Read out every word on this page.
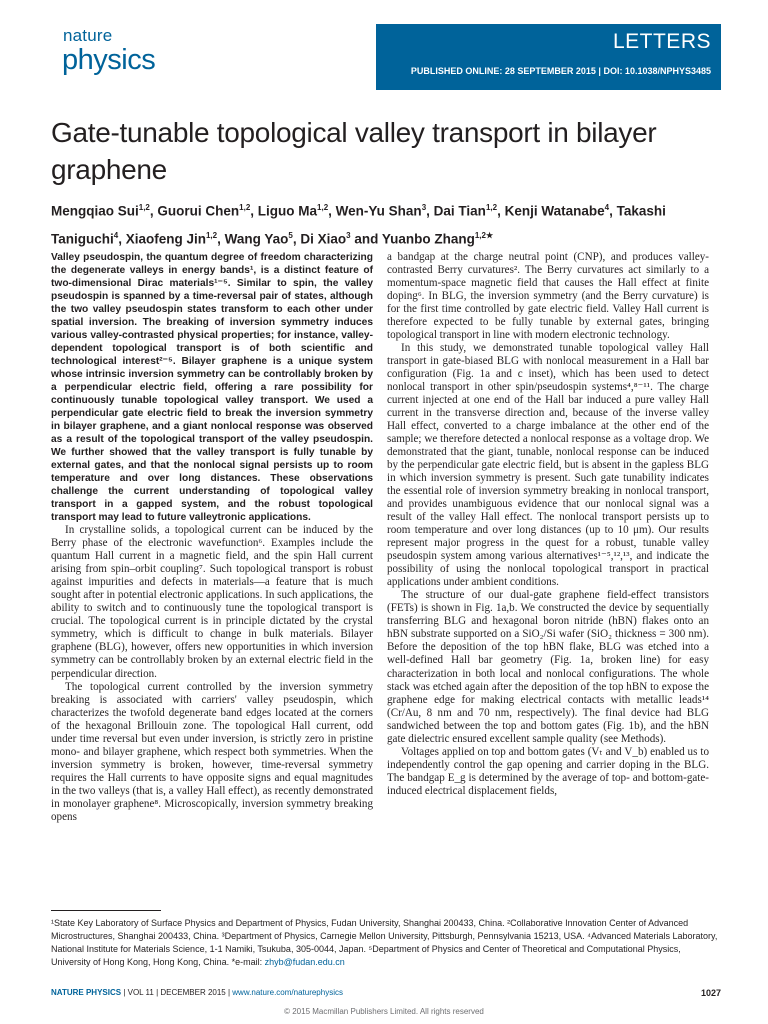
nature
physics
LETTERS
PUBLISHED ONLINE: 28 SEPTEMBER 2015 | DOI: 10.1038/NPHYS3485
Gate-tunable topological valley transport in bilayer graphene

Mengqiao Sui$^{1,2}$, Guorui Chen$^{1,2}$, Liguo Ma$^{1,2}$, Wen-Yu Shan$^3$, Dai Tian$^{1,2}$, Kenji Watanabe$^4$, Takashi Taniguchi$^4$, Xiaofeng Jin$^{1,2}$, Wang Yao$^5$, Di Xiao$^3$ and Yuanbo Zhang$^{1,2★}$

Valley pseudospin, the quantum degree of freedom characterizing the degenerate valleys in energy bands¹, is a distinct feature of two-dimensional Dirac materials¹⁻⁵. Similar to spin, the valley pseudospin is spanned by a time-reversal pair of states, although the two valley pseudospin states transform to each other under spatial inversion. The breaking of inversion symmetry induces various valley-contrasted physical properties; for instance, valley-dependent topological transport is of both scientific and technological interest²⁻⁵. Bilayer graphene is a unique system whose intrinsic inversion symmetry can be controllably broken by a perpendicular electric field, offering a rare possibility for continuously tunable topological valley transport. We used a perpendicular gate electric field to break the inversion symmetry in bilayer graphene, and a giant nonlocal response was observed as a result of the topological transport of the valley pseudospin. We further showed that the valley transport is fully tunable by external gates, and that the nonlocal signal persists up to room temperature and over long distances. These observations challenge the current understanding of topological valley transport in a gapped system, and the robust topological transport may lead to future valleytronic applications.

In crystalline solids, a topological current can be induced by the Berry phase of the electronic wavefunction⁶. Examples include the quantum Hall current in a magnetic field, and the spin Hall current arising from spin–orbit coupling⁷. Such topological transport is robust against impurities and defects in materials—a feature that is much sought after in potential electronic applications. In such applications, the ability to switch and to continuously tune the topological transport is crucial. The topological current is in principle dictated by the crystal symmetry, which is difficult to change in bulk materials. Bilayer graphene (BLG), however, offers new opportunities in which inversion symmetry can be controllably broken by an external electric field in the perpendicular direction.

The topological current controlled by the inversion symmetry breaking is associated with carriers' valley pseudospin, which characterizes the twofold degenerate band edges located at the corners of the hexagonal Brillouin zone. The topological Hall current, odd under time reversal but even under inversion, is strictly zero in pristine mono- and bilayer graphene, which respect both symmetries. When the inversion symmetry is broken, however, time-reversal symmetry requires the Hall currents to have opposite signs and equal magnitudes in the two valleys (that is, a valley Hall effect), as recently demonstrated in monolayer graphene⁸. Microscopically, inversion symmetry breaking opens

a bandgap at the charge neutral point (CNP), and produces valley-contrasted Berry curvatures². The Berry curvatures act similarly to a momentum-space magnetic field that causes the Hall effect at finite doping⁶. In BLG, the inversion symmetry (and the Berry curvature) is for the first time controlled by gate electric field. Valley Hall current is therefore expected to be fully tunable by external gates, bringing topological transport in line with modern electronic technology.

In this study, we demonstrated tunable topological valley Hall transport in gate-biased BLG with nonlocal measurement in a Hall bar configuration (Fig. 1a and c inset), which has been used to detect nonlocal transport in other spin/pseudospin systems⁴,⁸⁻¹¹. The charge current injected at one end of the Hall bar induced a pure valley Hall current in the transverse direction and, because of the inverse valley Hall effect, converted to a charge imbalance at the other end of the sample; we therefore detected a nonlocal response as a voltage drop. We demonstrated that the giant, tunable, nonlocal response can be induced by the perpendicular gate electric field, but is absent in the gapless BLG in which inversion symmetry is present. Such gate tunability indicates the essential role of inversion symmetry breaking in nonlocal transport, and provides unambiguous evidence that our nonlocal signal was a result of the valley Hall effect. The nonlocal transport persists up to room temperature and over long distances (up to 10 μm). Our results represent major progress in the quest for a robust, tunable valley pseudospin system among various alternatives¹⁻⁵,¹²,¹³, and indicate the possibility of using the nonlocal topological transport in practical applications under ambient conditions.

The structure of our dual-gate graphene field-effect transistors (FETs) is shown in Fig. 1a,b. We constructed the device by sequentially transferring BLG and hexagonal boron nitride (hBN) flakes onto an hBN substrate supported on a SiO₂/Si wafer (SiO₂ thickness = 300 nm). Before the deposition of the top hBN flake, BLG was etched into a well-defined Hall bar geometry (Fig. 1a, broken line) for easy characterization in both local and nonlocal configurations. The whole stack was etched again after the deposition of the top hBN to expose the graphene edge for making electrical contacts with metallic leads¹⁴ (Cr/Au, 8 nm and 70 nm, respectively). The final device had BLG sandwiched between the top and bottom gates (Fig. 1b), and the hBN gate dielectric ensured excellent sample quality (see Methods).

Voltages applied on top and bottom gates (Vₜ and V_b) enabled us to independently control the gap opening and carrier doping in the BLG. The bandgap E_g is determined by the average of top- and bottom-gate-induced electrical displacement fields,

¹State Key Laboratory of Surface Physics and Department of Physics, Fudan University, Shanghai 200433, China. ²Collaborative Innovation Center of Advanced Microstructures, Shanghai 200433, China. ³Department of Physics, Carnegie Mellon University, Pittsburgh, Pennsylvania 15213, USA. ⁴Advanced Materials Laboratory, National Institute for Materials Science, 1-1 Namiki, Tsukuba, 305-0044, Japan. ⁵Department of Physics and Center of Theoretical and Computational Physics, University of Hong Kong, Hong Kong, China. *e-mail: zhyb@fudan.edu.cn
NATURE PHYSICS | VOL 11 | DECEMBER 2015 | www.nature.com/naturephysics	1027
© 2015 Macmillan Publishers Limited. All rights reserved
